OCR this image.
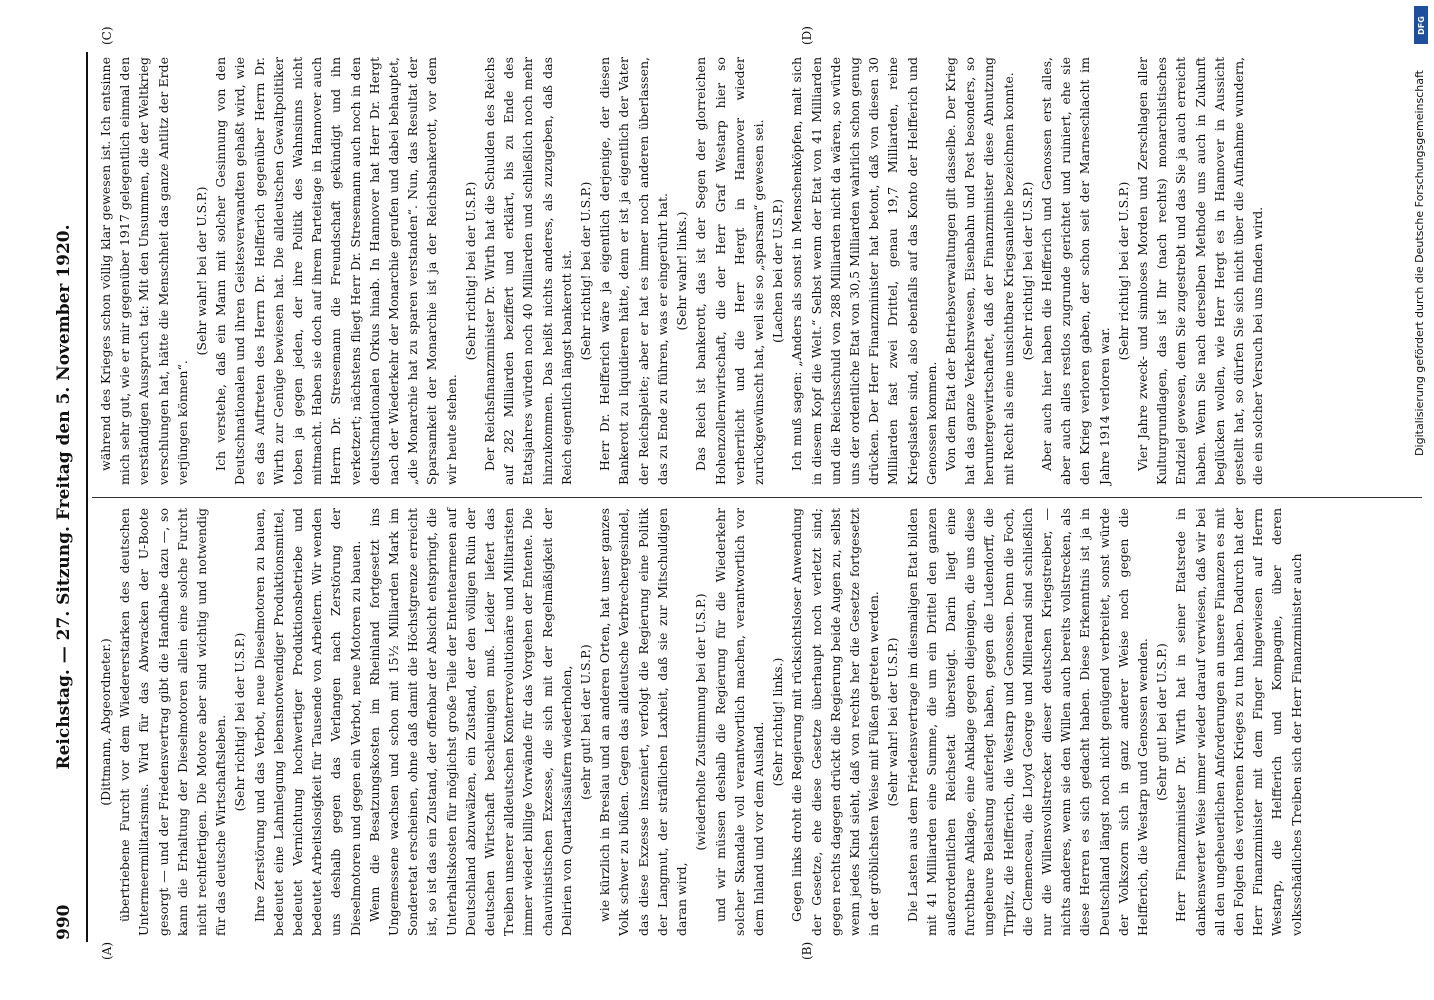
990
Reichstag. — 27. Sitzung. Freitag den 5. November 1920. (Dittmann, Abgeordneter.) übertriebene Furcht vor dem Wiedererstarken des deutschen Untermeermilitarismus. Wird für das Abwracken der U-Boote gesorgt — und der Friedensvertrag gibt die Handhabe dazu —, so kann die Erhaltung der Dieselmotoren allein eine solche Furcht nicht rechtfertigen. Die Motore aber sind wichtig und notwendig für das deutsche Wirtschaftsleben. (Sehr richtig! bei der U.S.P.) Ihre Zerstörung und das Verbot, neue Dieselmotoren zu bauen, bedeutet eine Lahmlegung lebensnotwendiger Produktionsmittel, bedeutet Vernichtung hochwertiger Produktionsbetriebe und bedeutet Arbeitslosigkeit für Tausende von Arbeitern. Wir wenden uns deshalb gegen das Verlangen nach Zerstörung der Dieselmotoren und gegen ein Verbot, neue Motoren zu bauen. Wenn die Besatzungskosten im Rheinland fortgesetzt ins Ungemessene wachsen und schon mit 15½ Milliarden Mark im Sonderetat erscheinen, ohne daß damit die Höchstgrenze erreicht ist, so ist das ein Zustand, der offenbar der Absicht entspringt, die Unterhaltskosten für möglichst große Teile der Ententearmeen auf Deutschland abzuwälzen, ein Zustand, der den völligen Ruin der deutschen Wirtschaft beschleunigen muß. Leider liefert das Treiben unserer alldeutschen Konterrevolutionäre und Militaristen immer wieder billige Vorwände für das Vorgehen der Entente. Die chauvinistischen Exzesse, die sich mit der Regelmäßigkeit der Delirien von Quartalssäufern wiederholen, (sehr gut! bei der U.S.P.) wie kürzlich in Breslau und an anderen Orten, hat unser ganzes Volk schwer zu büßen. Gegen das alldeutsche Verbrechergesindel, das diese Exzesse inszeniert, verfolgt die Regierung eine Politik der Langmut, der sträflichen Laxheit, daß sie zur Mitschuldigen daran wird,

(wiederholte Zustimmung bei der U.S.P.) und wir müssen deshalb die Regierung für die Wiederkehr solcher Skandale voll verantwortlich machen, verantwortlich vor dem Inland und vor dem Ausland. (Sehr richtig! links.) Gegen links droht die Regierung mit rücksichtsloser Anwendung der Gesetze, ehe diese Gesetze überhaupt noch verletzt sind; gegen rechts dagegen drückt die Regierung beide Augen zu, selbst wenn jedes Kind sieht, daß von rechts her die Gesetze fortgesetzt in der gröblichsten Weise mit Füßen getreten werden. (Sehr wahr! bei der U.S.P.) Die Lasten aus dem Friedensvertrage im diesmaligen Etat bilden mit 41 Milliarden eine Summe, die um ein Drittel den ganzen außerordentlichen Reichsetat übersteigt. Darin liegt eine furchtbare Anklage, eine Anklage gegen diejenigen, die uns diese ungeheure Belastung auferlegt haben, gegen die Ludendorff, die Tirpitz, die Helfferich, die Westarp und Genossen. Denn die Foch, die Clemenceau, die Lloyd George und Millerand sind schließlich nur die Willensvollstrecker dieser deutschen Kriegstreiber, — nichts anderes, wenn sie den Willen auch bereits vollstrecken, als diese Herren es sich gedacht haben. Diese Erkenntnis ist ja in Deutschland längst noch nicht genügend verbreitet, sonst würde der Volkszorn sich in ganz anderer Weise noch gegen die Helfferich, die Westarp und Genossen wenden. (Sehr gut! bei der U.S.P.) Herr Finanzminister Dr. Wirth hat in seiner Etatsrede in dankenswerter Weise immer wieder darauf verwiesen, daß wir bei all den ungeheuerlichen Anforderungen an unsere Finanzen es mit den Folgen des verlorenen Krieges zu tun haben. Dadurch hat der Herr Finanzminister mit dem Finger hingewiesen auf Herrn Westarp, die Helfferich und Kompagnie, über deren volksschädliches Treiben sich der Herr Finanzminister auch

während des Krieges schon völlig klar gewesen ist. Ich entsinne mich sehr gut, wie er mir gegenüber 1917 gelegentlich einmal den verständigen Ausspruch tat: Mit den Unsummen, die der Weltkrieg verschlungen hat, hätte die Menschheit das ganze Antlitz der Erde verjüngen können“.

(Sehr wahr! bei der U.S.P.) Ich verstehe, daß ein Mann mit solcher Gesinnung von den Deutschnationalen und ihren Geistesverwandten gehaßt wird, wie es das Auftreten des Herrn Dr. Helfferich gegenüber Herrn Dr. Wirth zur Genüge bewiesen hat. Die alldeutschen Gewaltpolitiker toben ja gegen jeden, der ihre Politik des Wahnsinns nicht mitmacht. Haben sie doch auf ihrem Parteitage in Hannover auch Herrn Dr. Stresemann die Freundschaft gekündigt und ihn verketzert; nächstens fliegt Herr Dr. Stresemann auch noch in den deutschnationalen Orkus hinab. In Hannover hat Herr Dr. Hergt nach der Wiederkehr der Monarchie gerufen und dabei behauptet, „die Monarchie hat zu sparen verstanden“. Nun, das Resultat der Sparsamkeit der Monarchie ist ja der Reichsbankerott, vor dem wir heute stehen.

(Sehr richtig! bei der U.S.P.) Der Reichsfinanzminister Dr. Wirth hat die Schulden des Reichs auf 282 Milliarden beziffert und erklärt, bis zu Ende des Etatsjahres würden noch 40 Milliarden und schließlich noch mehr hinzukommen. Das heißt nichts anderes, als zuzugeben, daß das Reich eigentlich längst bankerott ist. (Sehr richtig! bei der U.S.P.) Herr Dr. Helfferich wäre ja eigentlich derjenige, der diesen Bankerott zu liquidieren hätte, denn er ist ja eigentlich der Vater der Reichspleite; aber er hat es immer noch anderen überlassen, das zu Ende zu führen, was er eingerührt hat. (Sehr wahr! links.) Das Reich ist bankerott, das ist der Segen der glorreichen Hohenzollernwirtschaft, die der Herr Graf Westarp hier so verherrlicht und die Herr Hergt in Hannover wieder zurückgewünscht hat, weil sie so „sparsam“ gewesen sei. (Lachen bei der U.S.P.) Ich muß sagen: „Anders als sonst in Menschenköpfen, malt sich in diesem Kopf die Welt.“ Selbst wenn der Etat von 41 Milliarden und die Reichsschuld von 288 Milliarden nicht da wären, so würde uns der ordentliche Etat von 30,5 Milliarden wahrlich schon genug drücken. Der Herr Finanzminister hat betont, daß von diesen 30 Milliarden fast zwei Drittel, genau 19,7 Milliarden, reine Kriegslasten sind, also ebenfalls auf das Konto der Helfferich und Genossen kommen. Von dem Etat der Betriebsverwaltungen gilt dasselbe. Der Krieg hat das ganze Verkehrswesen, Eisenbahn und Post besonders, so heruntergewirtschaftet, daß der Finanzminister diese Abnutzung mit Recht als eine unsichtbare Kriegsanleihe bezeichnen konnte. (Sehr richtig! bei der U.S.P.) Aber auch hier haben die Helfferich und Genossen erst alles, aber auch alles restlos zugrunde gerichtet und ruiniert, ehe sie den Krieg verloren gaben, der schon seit der Marneschlacht im Jahre 1914 verloren war.

(Sehr richtig! bei der U.S.P.) Vier Jahre zweck- und sinnloses Morden und Zerschlagen aller Kulturgrundlagen, das ist Ihr (nach rechts) monarchistisches Endziel gewesen, dem Sie zugestrebt und das Sie ja auch erreicht haben. Wenn Sie nach derselben Methode uns auch in Zukunft beglücken wollen, wie Herr Hergt es in Hannover in Aussicht gestellt hat, so dürfen Sie sich nicht über die Aufnahme wundern, die ein solcher Versuch bei uns finden wird.

(A)	(B)
(C)	(D)
Digitalisierung gefördert durch die Deutsche Forschungsgemeinschaft
DFG
